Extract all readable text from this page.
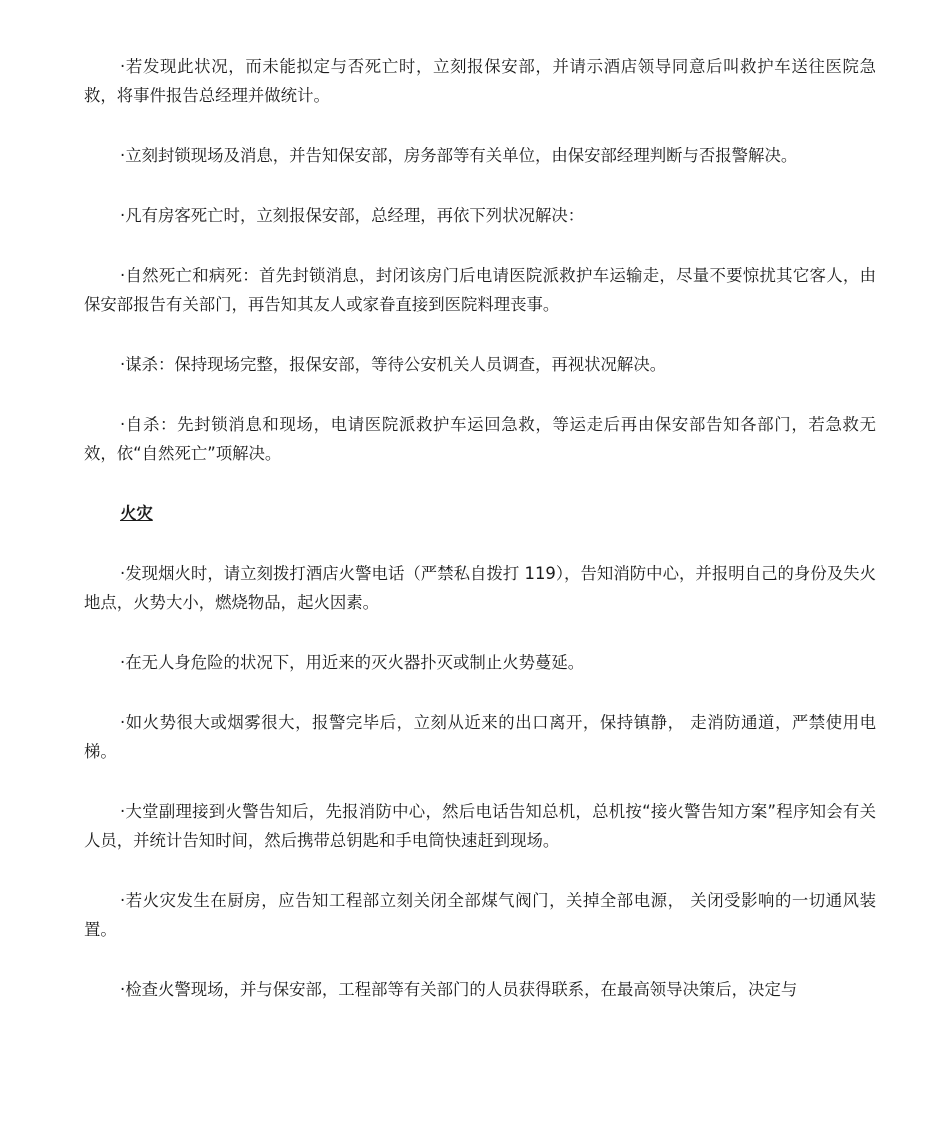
·若发现此状况，而未能拟定与否死亡时，立刻报保安部，并请示酒店领导同意后叫救护车送往医院急救，将事件报告总经理并做统计。

·立刻封锁现场及消息，并告知保安部，房务部等有关单位，由保安部经理判断与否报警解决。

·凡有房客死亡时，立刻报保安部，总经理，再依下列状况解决：

·自然死亡和病死：首先封锁消息，封闭该房门后电请医院派救护车运输走，尽量不要惊扰其它客人，由保安部报告有关部门，再告知其友人或家眷直接到医院料理丧事。

·谋杀：保持现场完整，报保安部，等待公安机关人员调查，再视状况解决。

·自杀：先封锁消息和现场，电请医院派救护车运回急救，等运走后再由保安部告知各部门，若急救无效，依“自然死亡”项解决。

火灾

·发现烟火时，请立刻拨打酒店火警电话（严禁私自拨打 119），告知消防中心，并报明自己的身份及失火地点，火势大小，燃烧物品，起火因素。

·在无人身危险的状况下，用近来的灭火器扑灭或制止火势蔓延。

·如火势很大或烟雾很大，报警完毕后，立刻从近来的出口离开，保持镇静， 走消防通道，严禁使用电梯。

·大堂副理接到火警告知后，先报消防中心，然后电话告知总机，总机按“接火警告知方案”程序知会有关人员，并统计告知时间，然后携带总钥匙和手电筒快速赶到现场。

·若火灾发生在厨房，应告知工程部立刻关闭全部煤气阀门，关掉全部电源， 关闭受影响的一切通风装置。

·检查火警现场，并与保安部，工程部等有关部门的人员获得联系，在最高领导决策后，决定与
